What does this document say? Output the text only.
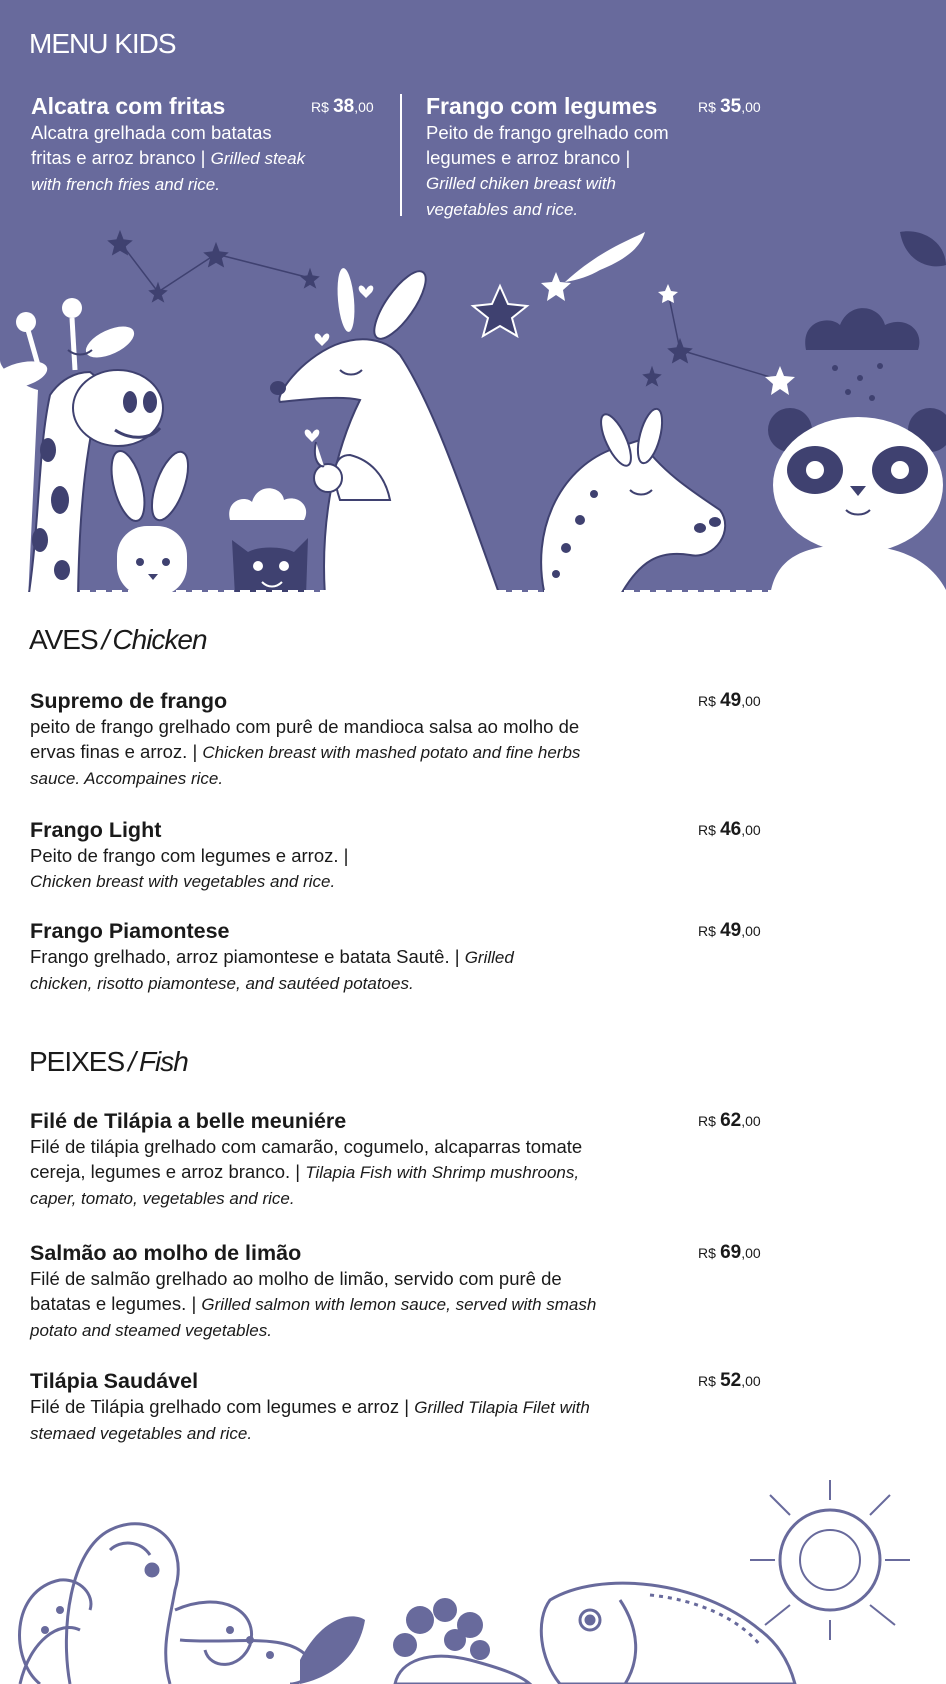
MENU KIDS
Alcatra com fritas	R$ 38,00
Alcatra grelhada com batatas fritas e arroz branco | Grilled steak with french fries and rice.
Frango com legumes	R$ 35,00
Peito de frango grelhado com legumes e arroz branco | Grilled chiken breast with vegetables and rice.
AVES / Chicken
Supremo de frango	R$ 49,00
peito de frango grelhado com purê de mandioca salsa ao molho de ervas finas e arroz. | Chicken breast with mashed potato and fine herbs sauce. Accompaines rice.
Frango Light	R$ 46,00
Peito de frango com legumes e arroz. | Chicken breast with vegetables and rice.
Frango Piamontese	R$ 49,00
Frango grelhado, arroz piamontese e batata Sautê. | Grilled chicken, risotto piamontese, and sautéed potatoes.
PEIXES / Fish
Filé de Tilápia a belle meuniére	R$ 62,00
Filé de tilápia grelhado com camarão, cogumelo, alcaparras tomate cereja, legumes e arroz branco. | Tilapia Fish with Shrimp mushroons, caper, tomato, vegetables and rice.
Salmão ao molho de limão	R$ 69,00
Filé de salmão grelhado ao molho de limão, servido com purê de batatas e legumes. | Grilled salmon with lemon sauce, served with smash potato and steamed vegetables.
Tilápia Saudável	R$ 52,00
Filé de Tilápia grelhado com legumes e arroz | Grilled Tilapia Filet with stemaed vegetables and rice.
